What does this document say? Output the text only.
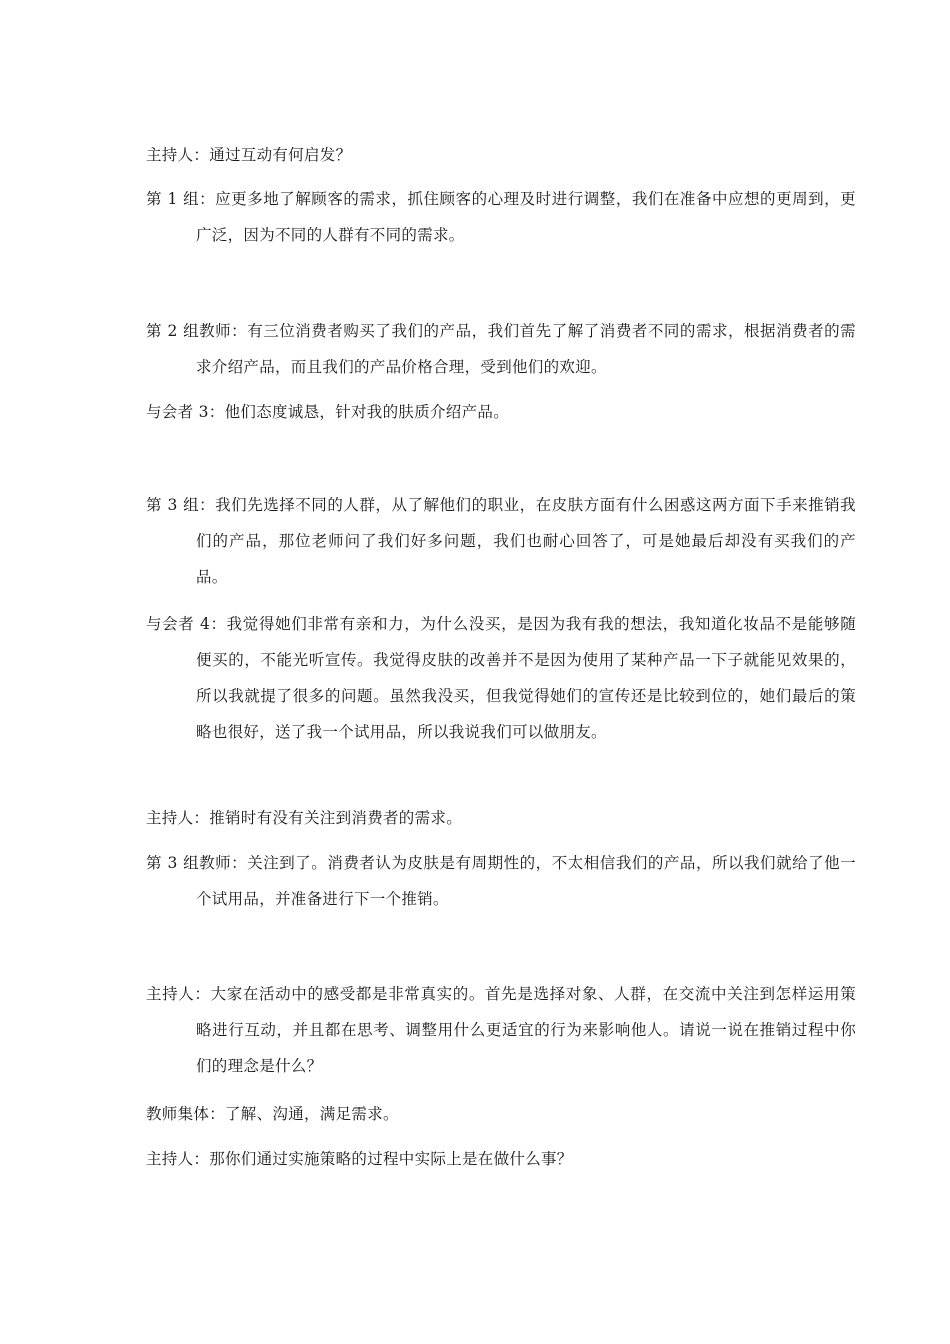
主持人：通过互动有何启发？

第 1 组：应更多地了解顾客的需求，抓住顾客的心理及时进行调整，我们在准备中应想的更周到，更广泛，因为不同的人群有不同的需求。

第 2 组教师：有三位消费者购买了我们的产品，我们首先了解了消费者不同的需求，根据消费者的需求介绍产品，而且我们的产品价格合理，受到他们的欢迎。

与会者 3：他们态度诚恳，针对我的肤质介绍产品。

第 3 组：我们先选择不同的人群，从了解他们的职业，在皮肤方面有什么困惑这两方面下手来推销我们的产品，那位老师问了我们好多问题，我们也耐心回答了，可是她最后却没有买我们的产品。

与会者 4：我觉得她们非常有亲和力，为什么没买，是因为我有我的想法，我知道化妆品不是能够随便买的，不能光听宣传。我觉得皮肤的改善并不是因为使用了某种产品一下子就能见效果的，所以我就提了很多的问题。虽然我没买，但我觉得她们的宣传还是比较到位的，她们最后的策略也很好，送了我一个试用品，所以我说我们可以做朋友。

主持人：推销时有没有关注到消费者的需求。

第 3 组教师：关注到了。消费者认为皮肤是有周期性的，不太相信我们的产品，所以我们就给了他一个试用品，并准备进行下一个推销。

主持人：大家在活动中的感受都是非常真实的。首先是选择对象、人群，在交流中关注到怎样运用策略进行互动，并且都在思考、调整用什么更适宜的行为来影响他人。请说一说在推销过程中你们的理念是什么？

教师集体：了解、沟通，满足需求。

主持人：那你们通过实施策略的过程中实际上是在做什么事？
